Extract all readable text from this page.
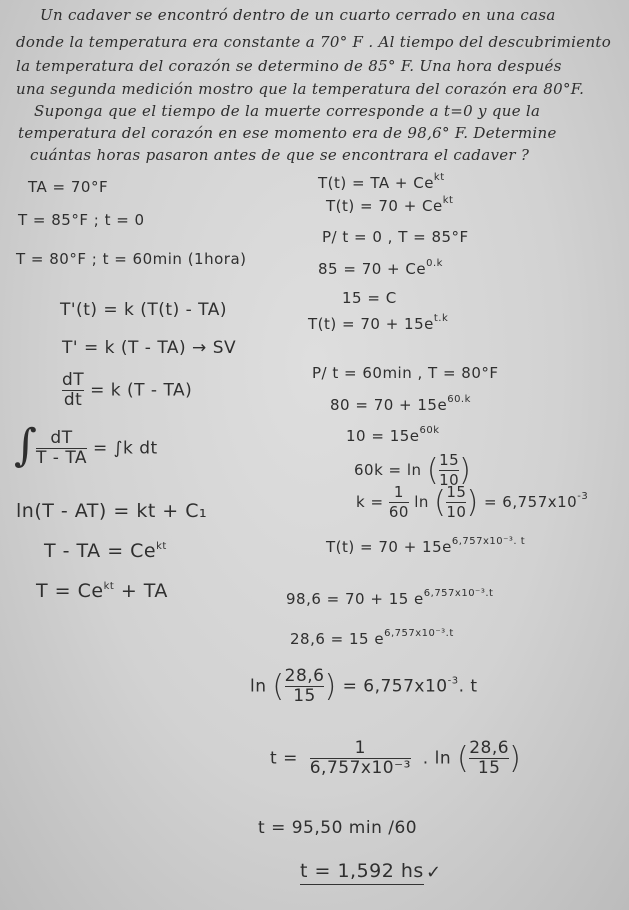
Un cadaver se encontró dentro de un cuarto cerrado en una casa
donde la temperatura era constante a 70° F . Al tiempo del descubrimiento
la temperatura del corazón se determino de 85° F. Una hora después
una segunda medición mostro que la temperatura del corazón era 80°F.
Suponga que el tiempo de la muerte corresponde a t=0 y que la
temperatura del corazón en ese momento era de 98,6° F. Determine
cuántas horas pasaron antes de que se encontrara el cadaver ?
TA = 70°F
T = 85°F ; t = 0
T = 80°F ; t = 60min (1hora)
T'(t) = k (T(t) - TA)
T' = k (T - TA) → SV
$\frac{dT}{dt} = k$ (T - TA)
∫ $\frac{dT}{T - TA} = \int k$ dt
ln(T - AT) = kt + C₁
T - TA = $Ce^{kt}$
$T = Ce^{kt}$ + TA
T(t) = TA + $Ce^{kt}$
$T(t) = 70 + Ce^{kt}$
P/ t = 0 , T = 85°F
$85 = 70 + Ce^{0.k}$
15 = C
$T(t) = 70 + 15e^{t.k}$
P/ t = 60min , T = 80°F
$80 = 70 + 15e^{60.k}$
$10 = 15e^{60k}$
60k = ln ( $\frac{15}{10}$ )
$k = \frac{1}{60}$ ln ( $\frac{15}{10}$ ) = $6,757x10^{-3}$
$T(t) = 70 + 15e^{6,757x10^{-3}. t}$
98,6 = 70 + 15 $e^{6,757x10^{-3}.t}$
28,6 = 15 $e^{6,757x10^{-3}.t}$
ln ( $\frac{28,6}{15}$ ) = $6,757x10^{-3}$. t
$t = \frac{1}{\text{6,757x10⁻³}}$ . ln ( $\frac{28,6}{15}$ )
t = 95,50 min /60
t = 1,592 hs ✓
